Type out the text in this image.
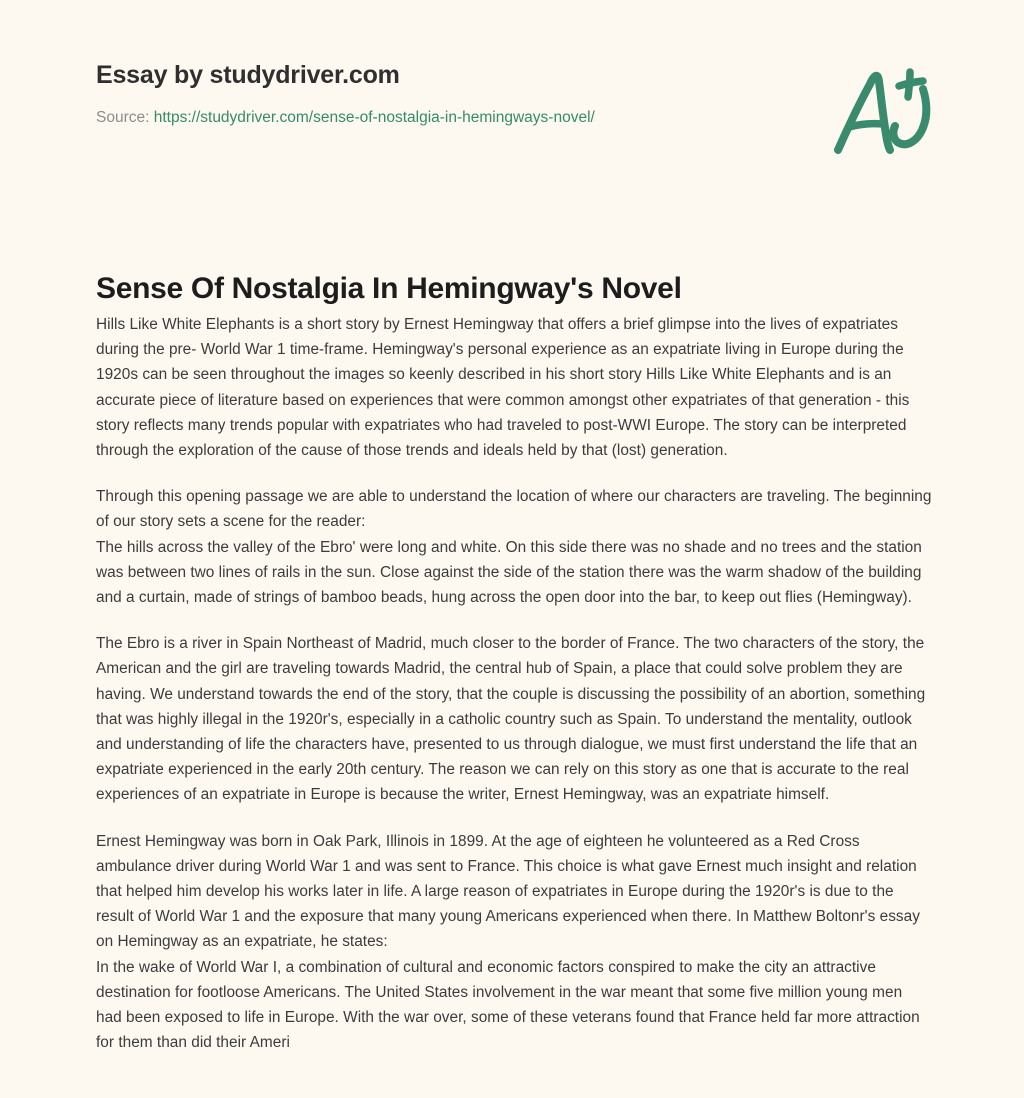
Essay by studydriver.com
Source: https://studydriver.com/sense-of-nostalgia-in-hemingways-novel/
Sense Of Nostalgia In Hemingway's Novel

Hills Like White Elephants is a short story by Ernest Hemingway that offers a brief glimpse into the lives of expatriates during the pre- World War 1 time-frame. Hemingway's personal experience as an expatriate living in Europe during the 1920s can be seen throughout the images so keenly described in his short story Hills Like White Elephants and is an accurate piece of literature based on experiences that were common amongst other expatriates of that generation - this story reflects many trends popular with expatriates who had traveled to post-WWI Europe. The story can be interpreted through the exploration of the cause of those trends and ideals held by that (lost) generation.

Through this opening passage we are able to understand the location of where our characters are traveling. The beginning of our story sets a scene for the reader:

The hills across the valley of the Ebro' were long and white. On this side there was no shade and no trees and the station was between two lines of rails in the sun. Close against the side of the station there was the warm shadow of the building and a curtain, made of strings of bamboo beads, hung across the open door into the bar, to keep out flies (Hemingway).

The Ebro is a river in Spain Northeast of Madrid, much closer to the border of France. The two characters of the story, the American and the girl are traveling towards Madrid, the central hub of Spain, a place that could solve problem they are having. We understand towards the end of the story, that the couple is discussing the possibility of an abortion, something that was highly illegal in the 1920r's, especially in a catholic country such as Spain. To understand the mentality, outlook and understanding of life the characters have, presented to us through dialogue, we must first understand the life that an expatriate experienced in the early 20th century. The reason we can rely on this story as one that is accurate to the real experiences of an expatriate in Europe is because the writer, Ernest Hemingway, was an expatriate himself.

Ernest Hemingway was born in Oak Park, Illinois in 1899. At the age of eighteen he volunteered as a Red Cross ambulance driver during World War 1 and was sent to France. This choice is what gave Ernest much insight and relation that helped him develop his works later in life. A large reason of expatriates in Europe during the 1920r's is due to the result of World War 1 and the exposure that many young Americans experienced when there. In Matthew Boltonr's essay on Hemingway as an expatriate, he states:

In the wake of World War I, a combination of cultural and economic factors conspired to make the city an attractive destination for footloose Americans. The United States involvement in the war meant that some five million young men had been exposed to life in Europe. With the war over, some of these veterans found that France held far more attraction for them than did their Ameri
